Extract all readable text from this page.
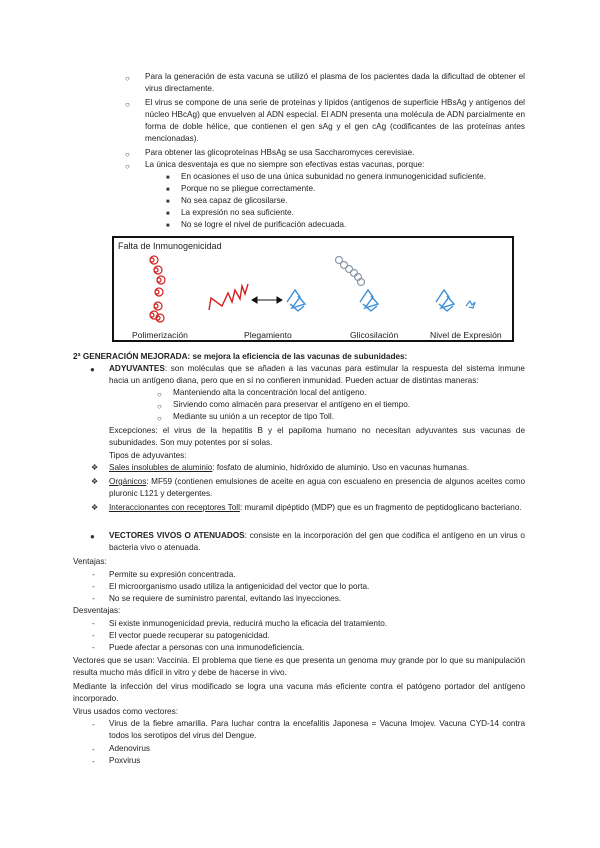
○ Para la generación de esta vacuna se utilizó el plasma de los pacientes dada la dificultad de obtener el virus directamente.
○ El virus se compone de una serie de proteínas y lípidos (antígenos de superficie HBsAg y antígenos del núcleo HBcAg) que envuelven al ADN especial. El ADN presenta una molécula de ADN parcialmente en forma de doble hélice, que contienen el gen sAg y el gen cAg (codificantes de las proteínas antes mencionadas).
○ Para obtener las glicoproteínas HBsAg se usa Saccharomyces cerevisiae.
○ La única desventaja es que no siempre son efectivas estas vacunas, porque:
■ En ocasiones el uso de una única subunidad no genera inmunogenicidad suficiente.
■ Porque no se pliegue correctamente.
■ No sea capaz de glicosilarse.
■ La expresión no sea suficiente.
■ No se logre el nivel de purificación adecuada.
Falta de Inmunogenicidad
Polimerización	Plegamiento	Glicosilación	Nivel de Expresión
2ª GENERACIÓN MEJORADA: se mejora la eficiencia de las vacunas de subunidades:
● ADYUVANTES: son moléculas que se añaden a las vacunas para estimular la respuesta del sistema inmune hacia un antígeno diana, pero que en sí no confieren inmunidad. Pueden actuar de distintas maneras:
○ Manteniendo alta la concentración local del antígeno.
○ Sirviendo como almacén para preservar el antígeno en el tiempo.
○ Mediante su unión a un receptor de tipo Toll.
Excepciones: el virus de la hepatitis B y el papiloma humano no necesitan adyuvantes sus vacunas de subunidades. Son muy potentes por sí solas.
Tipos de adyuvantes:
❖ Sales insolubles de aluminio: fosfato de aluminio, hidróxido de aluminio. Uso en vacunas humanas.
❖ Orgánicos: MF59 (contienen emulsiones de aceite en agua con escualeno en presencia de algunos aceites como pluronic L121 y detergentes.
❖ Interaccionantes con receptores Toll: muramil dipéptido (MDP) que es un fragmento de peptidoglicano bacteriano.
● VECTORES VIVOS O ATENUADOS: consiste en la incorporación del gen que codifica el antígeno en un virus o bacteria vivo o atenuada.
Ventajas:
- Permite su expresión concentrada.
- El microorganismo usado utiliza la antigenicidad del vector que lo porta.
- No se requiere de suministro parental, evitando las inyecciones.
Desventajas:
- Si existe inmunogenicidad previa, reducirá mucho la eficacia del tratamiento.
- El vector puede recuperar su patogenicidad.
- Puede afectar a personas con una inmunodeficiencia.
Vectores que se usan: Vaccinia. El problema que tiene es que presenta un genoma muy grande por lo que su manipulación resulta mucho más difícil in vitro y debe de hacerse in vivo.
Mediante la infección del virus modificado se logra una vacuna más eficiente contra el patógeno portador del antígeno incorporado.
Virus usados como vectores:
- Virus de la fiebre amarilla. Para luchar contra la encefalitis Japonesa = Vacuna Imojev. Vacuna CYD-14 contra todos los serotipos del virus del Dengue.
- Adenovirus
- Poxvirus
